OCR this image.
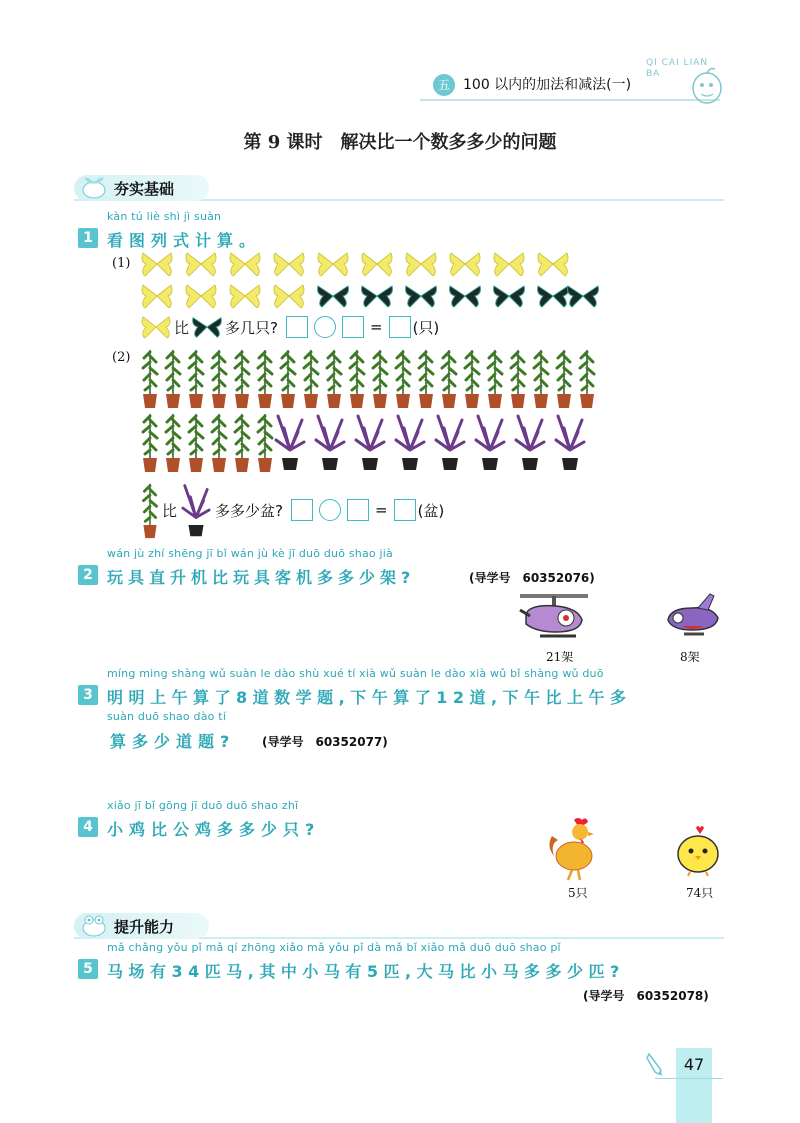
五 100 以内的加法和减法(一)
QI CAI LIAN BA
第 9 课时　解决比一个数多多少的问题
夯实基础
kàn tú liè shì jì suàn
1 看图列式计算。
(1)
比 多几只?	= (只)
(2)
比	多多少盆?	= (盆)
wán jù zhí shēng jī bǐ wán jù kè jī duō duō shao jià
2 玩具直升机比玩具客机多多少架?	(导学号　60352076)
21架	8架
míng ming shàng wǔ suàn le dào shù xué tí xià wǔ suàn le dào xià wǔ bǐ shàng wǔ duō
3 明明上午算了8道数学题,下午算了12道,下午比上午多
suàn duō shao dào tí
算多少道题? (导学号　60352077)
xiǎo jī bǐ gōng jī duō duō shao zhī
4 小鸡比公鸡多多少只?
5只	74只
提升能力
mǎ chǎng yǒu pǐ mǎ qí zhōng xiǎo mǎ yǒu pǐ dà mǎ bǐ xiǎo mǎ duō duō shao pǐ
5 马场有34匹马,其中小马有5匹,大马比小马多多少匹?
(导学号　60352078)
47
